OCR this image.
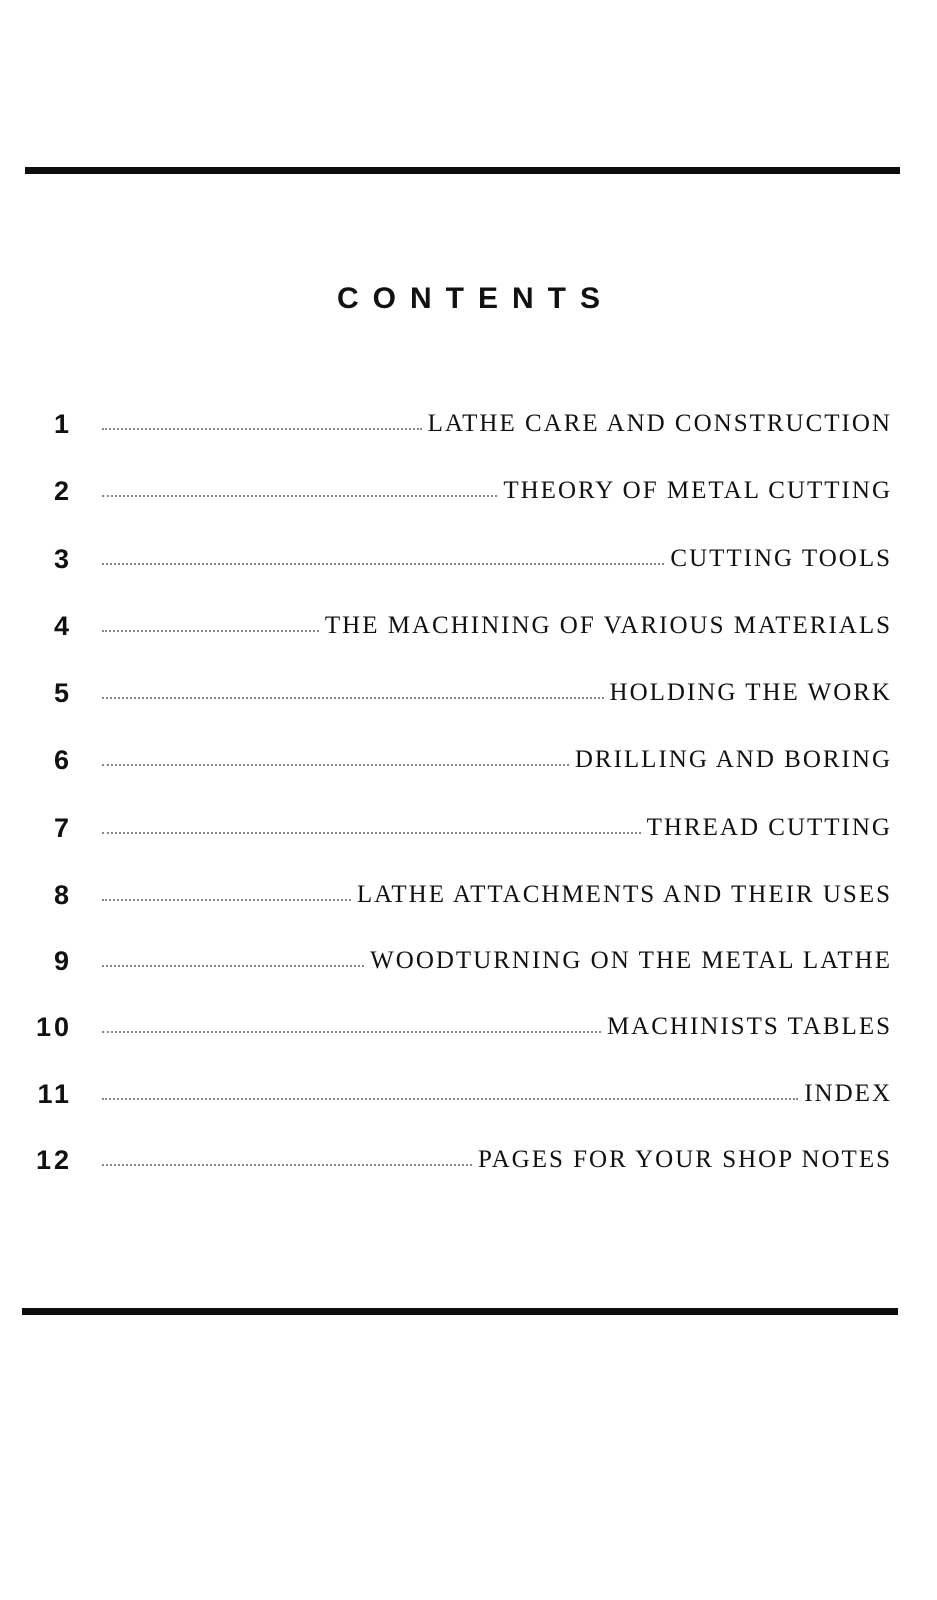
CONTENTS
1	LATHE CARE AND CONSTRUCTION
2	THEORY OF METAL CUTTING
3	CUTTING TOOLS
4	THE MACHINING OF VARIOUS MATERIALS
5	HOLDING THE WORK
6	DRILLING AND BORING
7	THREAD CUTTING
8	LATHE ATTACHMENTS AND THEIR USES
9	WOODTURNING ON THE METAL LATHE
10	MACHINISTS TABLES
11	INDEX
12	PAGES FOR YOUR SHOP NOTES
